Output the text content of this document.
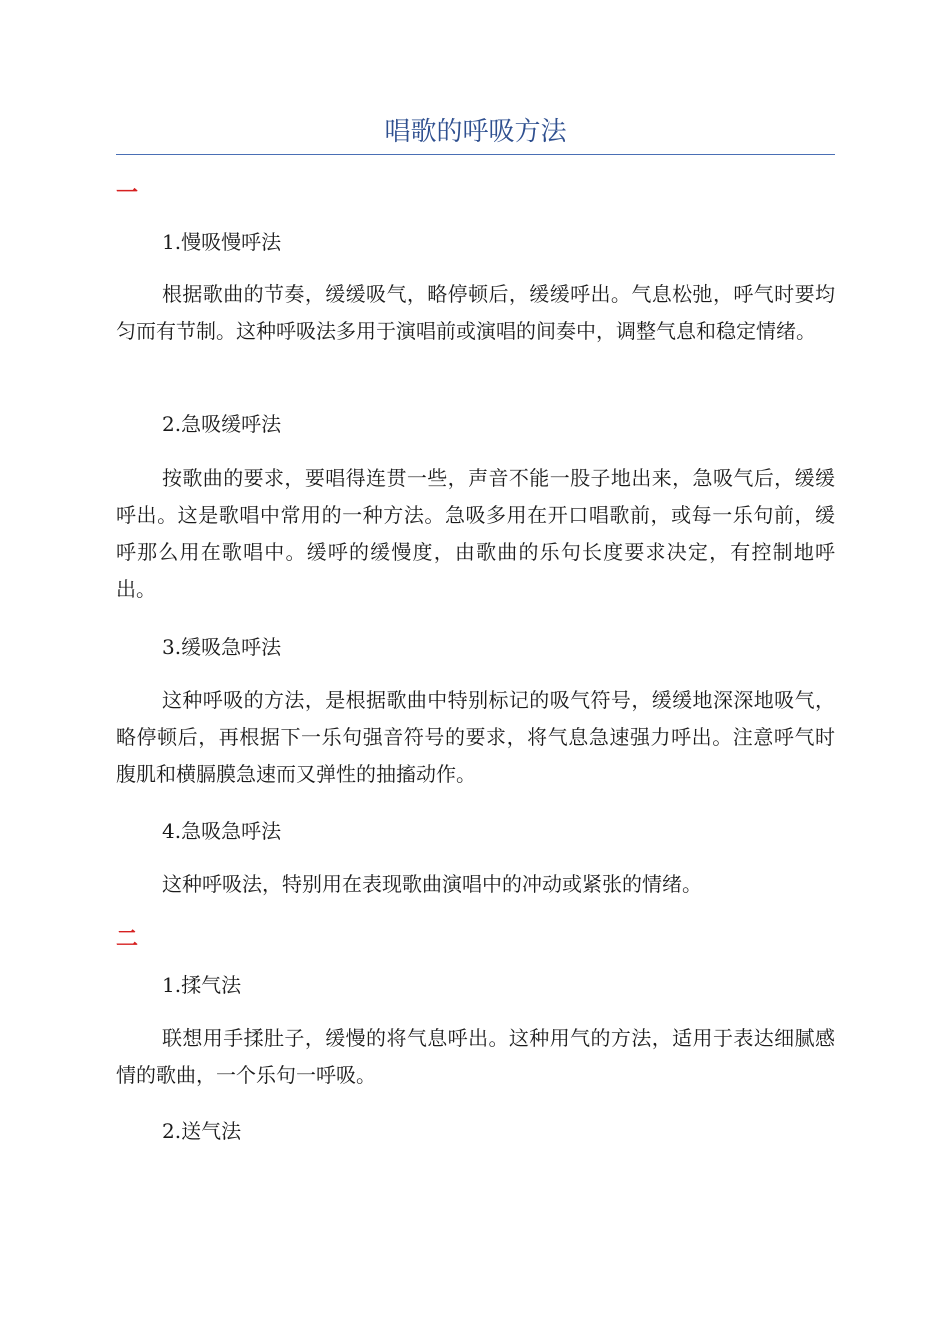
唱歌的呼吸方法
一
1.慢吸慢呼法
根据歌曲的节奏，缓缓吸气，略停顿后，缓缓呼出。气息松弛，呼气时要均匀而有节制。这种呼吸法多用于演唱前或演唱的间奏中，调整气息和稳定情绪。
2.急吸缓呼法
按歌曲的要求，要唱得连贯一些，声音不能一股子地出来，急吸气后，缓缓呼出。这是歌唱中常用的一种方法。急吸多用在开口唱歌前，或每一乐句前，缓呼那么用在歌唱中。缓呼的缓慢度，由歌曲的乐句长度要求决定，有控制地呼出。
3.缓吸急呼法
这种呼吸的方法，是根据歌曲中特别标记的吸气符号，缓缓地深深地吸气，略停顿后，再根据下一乐句强音符号的要求，将气息急速强力呼出。注意呼气时腹肌和横膈膜急速而又弹性的抽搐动作。
4.急吸急呼法
这种呼吸法，特别用在表现歌曲演唱中的冲动或紧张的情绪。
二
1.揉气法
联想用手揉肚子，缓慢的将气息呼出。这种用气的方法，适用于表达细腻感情的歌曲，一个乐句一呼吸。
2.送气法
